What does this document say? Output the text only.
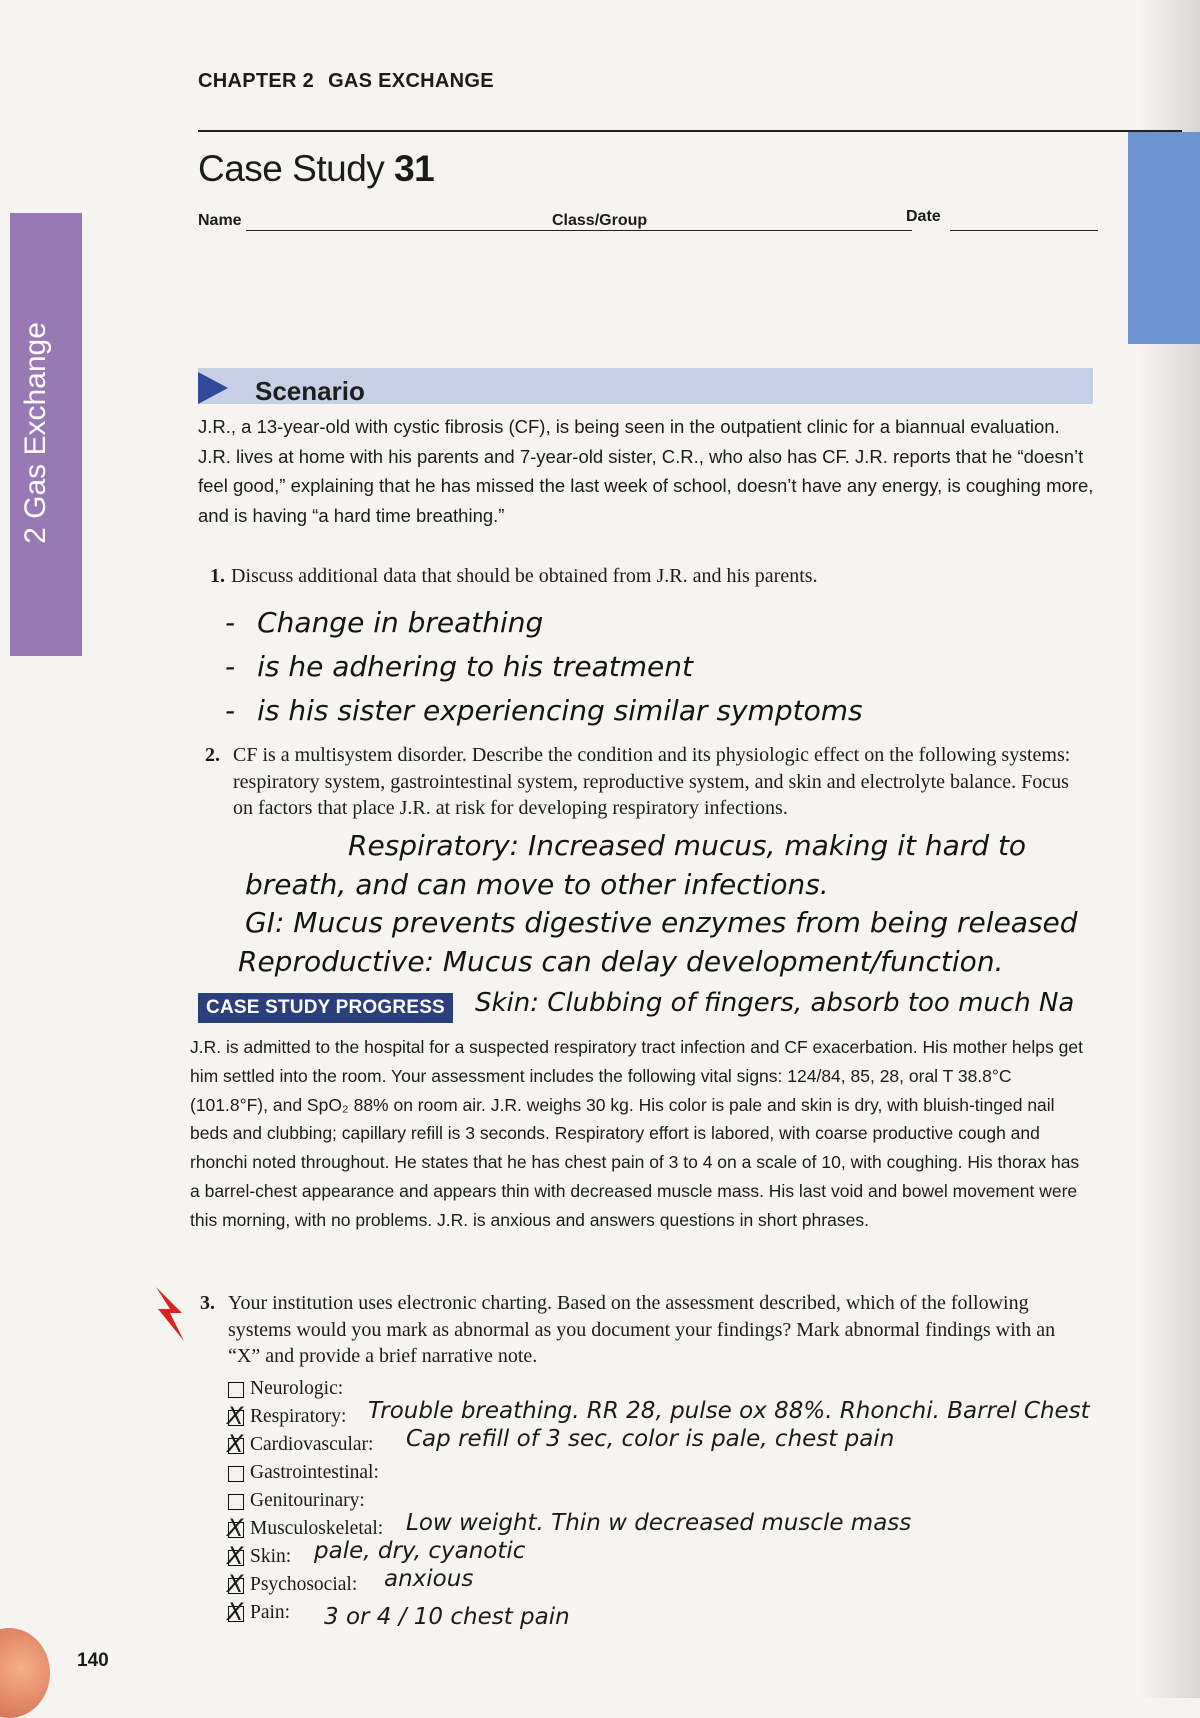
2 Gas Exchange
CHAPTER 2 GAS EXCHANGE
Case Study 31
Name	Class/Group	Date
Scenario
J.R., a 13-year-old with cystic fibrosis (CF), is being seen in the outpatient clinic for a biannual evaluation. J.R. lives at home with his parents and 7-year-old sister, C.R., who also has CF. J.R. reports that he “doesn’t feel good,” explaining that he has missed the last week of school, doesn’t have any energy, is coughing more, and is having “a hard time breathing.”
1. Discuss additional data that should be obtained from J.R. and his parents.
- Change in breathing
- is he adhering to his treatment
- is his sister experiencing similar symptoms
2. CF is a multisystem disorder. Describe the condition and its physiologic effect on the following systems: respiratory system, gastrointestinal system, reproductive system, and skin and electrolyte balance. Focus on factors that place J.R. at risk for developing respiratory infections.
Respiratory: Increased mucus, making it hard to
breath, and can move to other infections.
GI: Mucus prevents digestive enzymes from being released
Reproductive: Mucus can delay development/function.
Skin: Clubbing of fingers, absorb too much Na
CASE STUDY PROGRESS
J.R. is admitted to the hospital for a suspected respiratory tract infection and CF exacerbation. His mother helps get him settled into the room. Your assessment includes the following vital signs: 124/84, 85, 28, oral T 38.8°C (101.8°F), and SpO₂ 88% on room air. J.R. weighs 30 kg. His color is pale and skin is dry, with bluish-tinged nail beds and clubbing; capillary refill is 3 seconds. Respiratory effort is labored, with coarse productive cough and rhonchi noted throughout. He states that he has chest pain of 3 to 4 on a scale of 10, with coughing. His thorax has a barrel-chest appearance and appears thin with decreased muscle mass. His last void and bowel movement were this morning, with no problems. J.R. is anxious and answers questions in short phrases.
3. Your institution uses electronic charting. Based on the assessment described, which of the following systems would you mark as abnormal as you document your findings? Mark abnormal findings with an “X” and provide a brief narrative note.
Neurologic:
X Respiratory: Trouble breathing. RR 28, pulse ox 88%. Rhonchi. Barrel Chest
X Cardiovascular: Cap refill of 3 sec, color is pale, chest pain
Gastrointestinal:
Genitourinary:
X Musculoskeletal: Low weight. Thin w decreased muscle mass
X Skin: pale, dry, cyanotic
X Psychosocial: anxious
X Pain: 3 or 4 / 10 chest pain
140
